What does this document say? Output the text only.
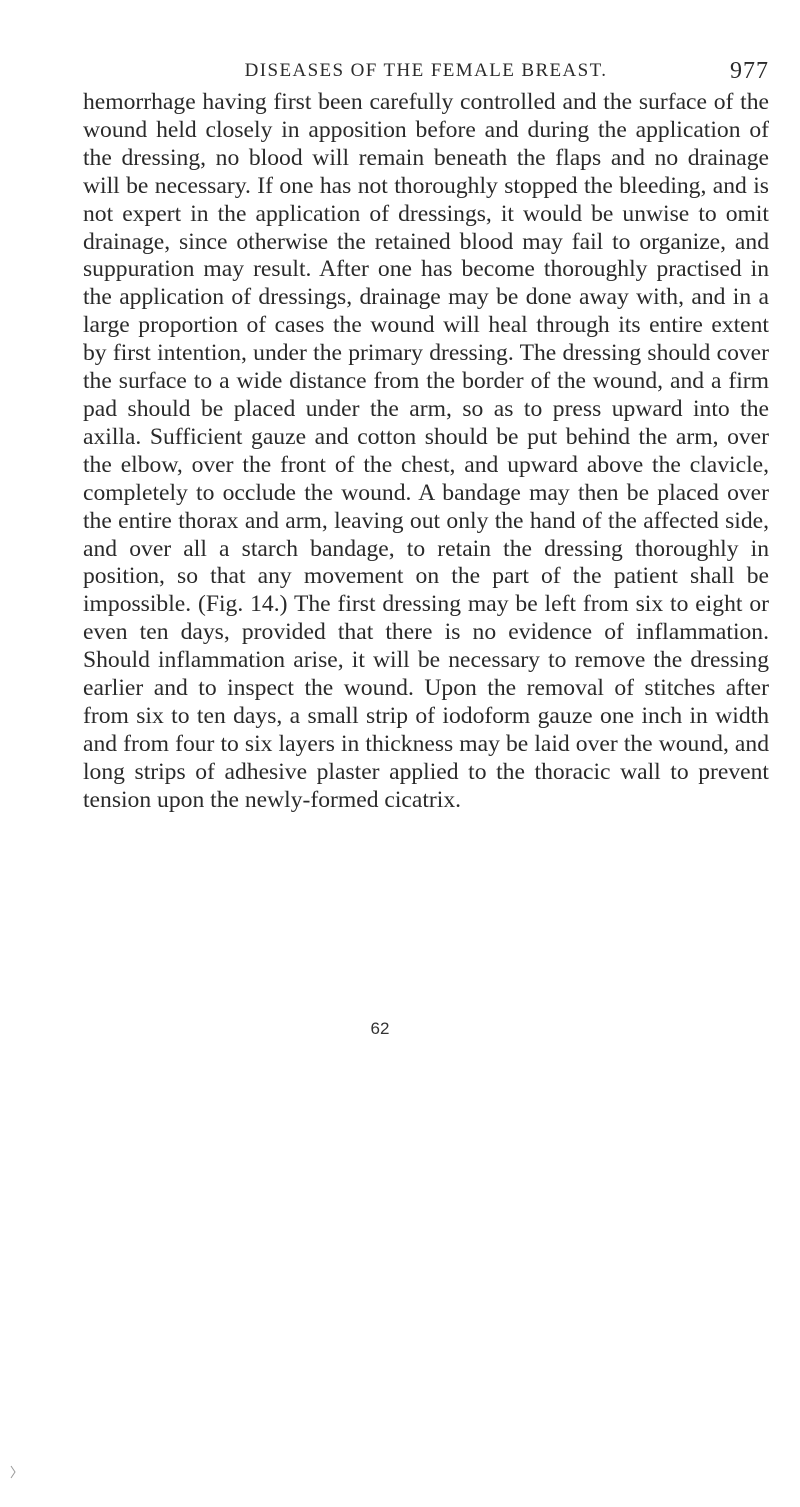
DISEASES OF THE FEMALE BREAST.	977

hemorrhage having first been carefully controlled and the surface of the wound held closely in apposition before and during the application of the dressing, no blood will remain beneath the flaps and no drainage will be necessary. If one has not thoroughly stopped the bleeding, and is not expert in the application of dressings, it would be unwise to omit drainage, since otherwise the retained blood may fail to organize, and suppuration may result. After one has become thoroughly practised in the application of dressings, drainage may be done away with, and in a large proportion of cases the wound will heal through its entire extent by first intention, under the primary dressing. The dressing should cover the surface to a wide distance from the border of the wound, and a firm pad should be placed under the arm, so as to press upward into the axilla. Sufficient gauze and cotton should be put behind the arm, over the elbow, over the front of the chest, and upward above the clavicle, completely to occlude the wound. A bandage may then be placed over the entire thorax and arm, leaving out only the hand of the affected side, and over all a starch bandage, to retain the dressing thoroughly in position, so that any movement on the part of the patient shall be impossible. (Fig. 14.) The first dressing may be left from six to eight or even ten days, provided that there is no evidence of inflammation. Should inflammation arise, it will be necessary to remove the dressing earlier and to inspect the wound. Upon the removal of stitches after from six to ten days, a small strip of iodoform gauze one inch in width and from four to six layers in thickness may be laid over the wound, and long strips of adhesive plaster applied to the thoracic wall to prevent tension upon the newly-formed cicatrix.

62
